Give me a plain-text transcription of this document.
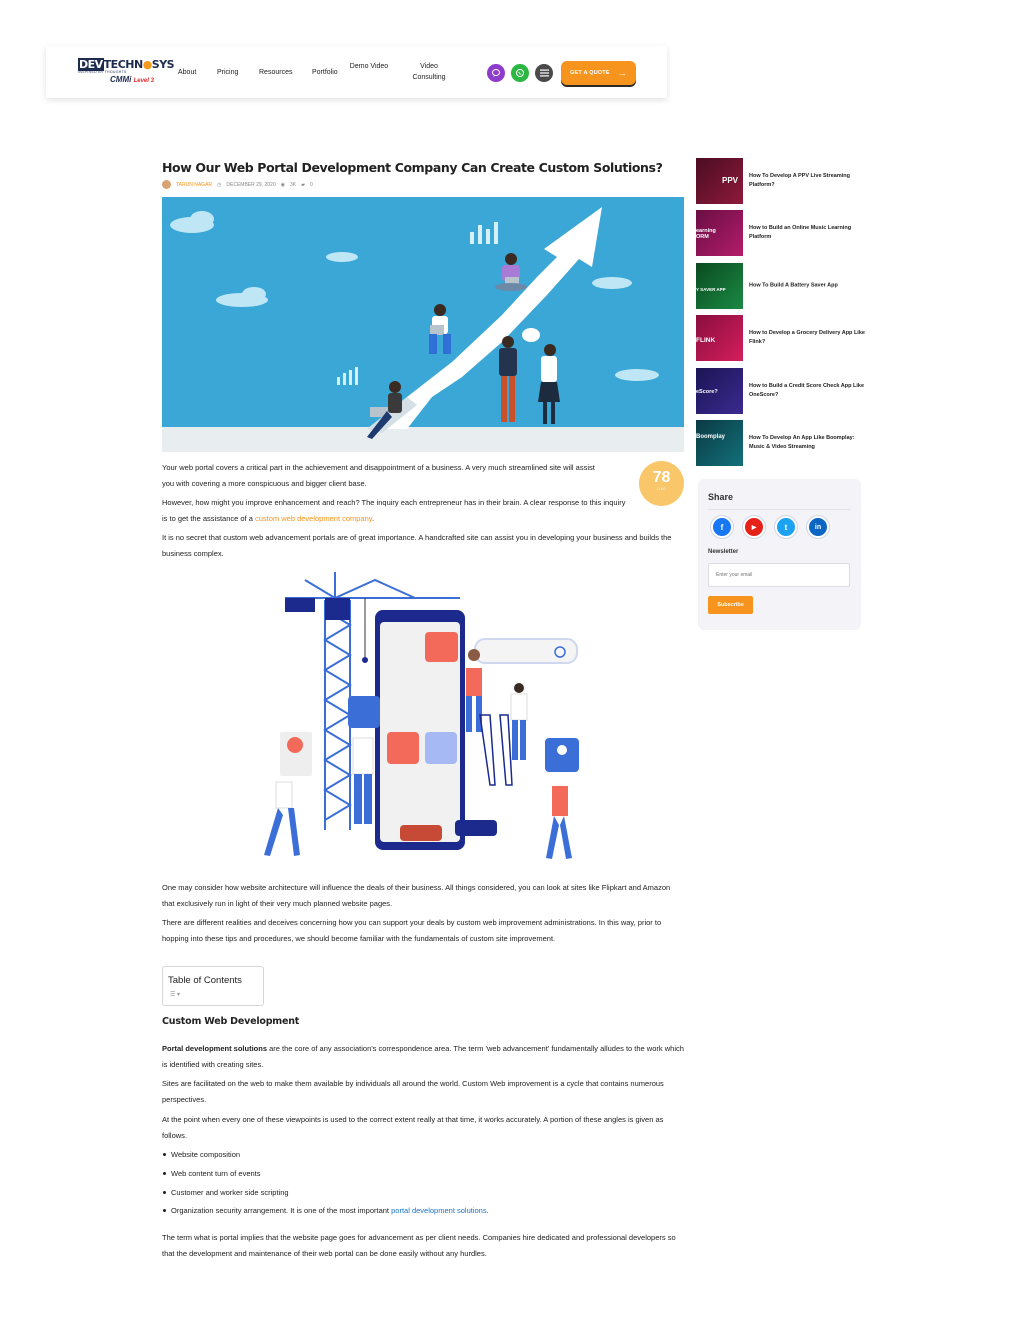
DEVTECHN●SYS
INSPIRED BY THOUGHTS
CMMi Level 3
About	Pricing	Resources	Portfolio
Demo Video	Video Consulting
GET A QUOTE →
How Our Web Portal Development Company Can Create Custom Solutions?
TARUN NAGAR ◷ DECEMBER 29, 2020 ◉ 3K ▰ 0

Your web portal covers a critical part in the achievement and disappointment of a business. A very much streamlined site will assist you with covering a more conspicuous and bigger client base.	78
/100

However, how might you improve enhancement and reach? The inquiry each entrepreneur has in their brain. A clear response to this inquiry is to get the assistance of a custom web development company.

It is no secret that custom web advancement portals are of great importance. A handcrafted site can assist you in developing your business and builds the business complex.

One may consider how website architecture will influence the deals of their business. All things considered, you can look at sites like Flipkart and Amazon that exclusively run in light of their very much planned website pages.

There are different realities and deceives concerning how you can support your deals by custom web improvement administrations. In this way, prior to hopping into these tips and procedures, we should become familiar with the fundamentals of custom site improvement.

Table of Contents
☰ ▾
Custom Web Development

Portal development solutions are the core of any association's correspondence area. The term 'web advancement' fundamentally alludes to the work which is identified with creating sites.

Sites are facilitated on the web to make them available by individuals all around the world. Custom Web improvement is a cycle that contains numerous perspectives.

At the point when every one of these viewpoints is used to the correct extent really at that time, it works accurately. A portion of these angles is given as follows.

Website composition
Web content turn of events
Customer and worker side scripting
Organization security arrangement. It is one of the most important portal development solutions.

The term what is portal implies that the website page goes for advancement as per client needs. Companies hire dedicated and professional developers so that the development and maintenance of their web portal can be done easily without any hurdles.

PPV How To Develop A PPV Live Streaming Platform?
earning ORM
How to Build an Online Music Learning Platform
Y SAVER APP
How To Build A Battery Saver App
FLINK
How to Develop a Grocery Delivery App Like Flink?
eScore?
How to Build a Credit Score Check App Like OneScore?
Boomplay	How To Develop An App Like Boomplay: Music & Video Streaming
Share
f	▶	t	in
Newsletter
Enter your email
Subscribe
